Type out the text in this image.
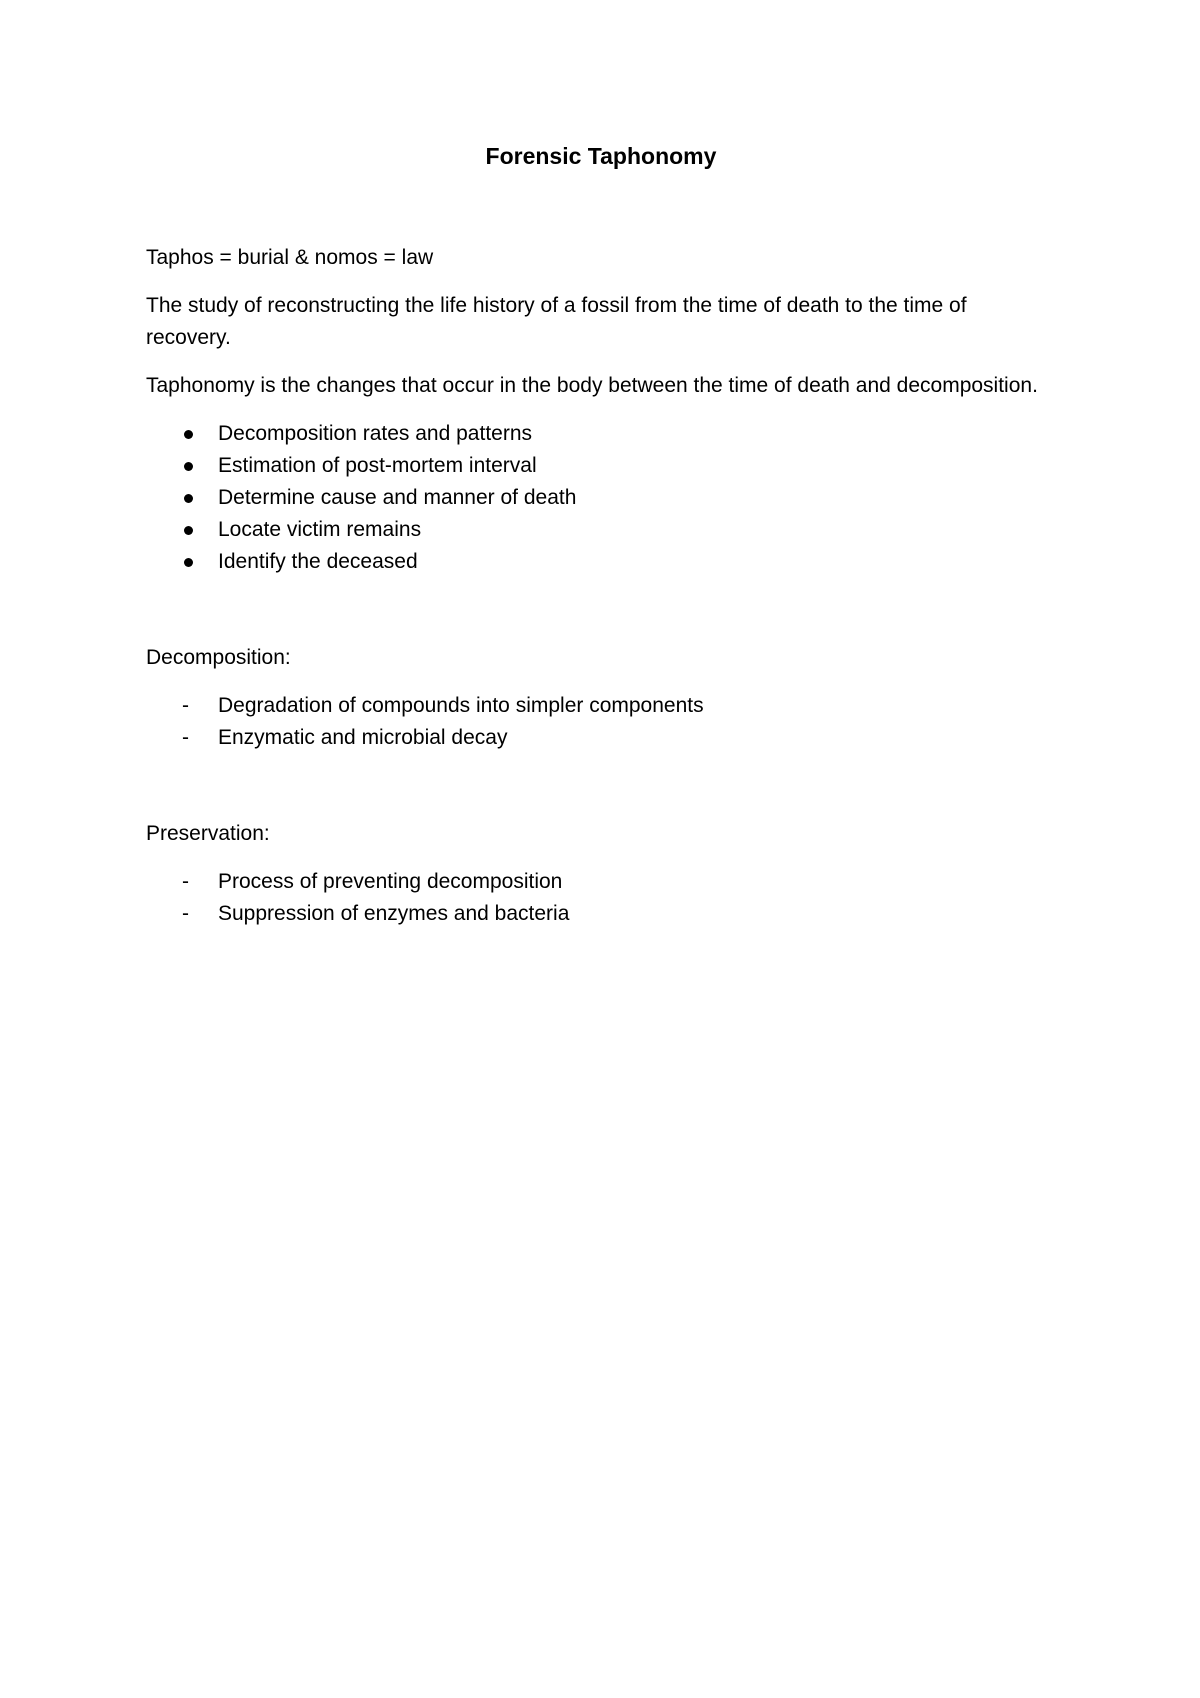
Forensic Taphonomy

Taphos = burial & nomos = law

The study of reconstructing the life history of a fossil from the time of death to the time of recovery.

Taphonomy is the changes that occur in the body between the time of death and decomposition.

Decomposition rates and patterns
Estimation of post-mortem interval
Determine cause and manner of death
Locate victim remains
Identify the deceased

Decomposition:

-	Degradation of compounds into simpler components
-	Enzymatic and microbial decay

Preservation:

-	Process of preventing decomposition
-	Suppression of enzymes and bacteria
